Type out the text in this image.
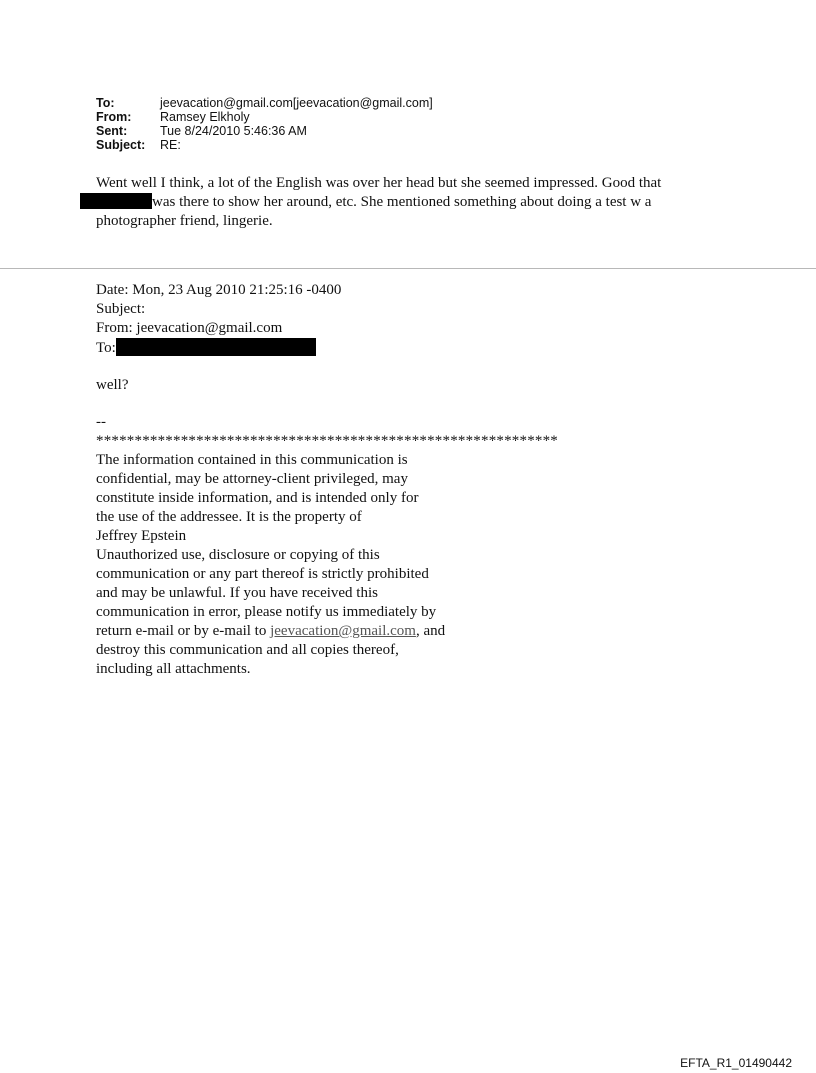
To:	jeevacation@gmail.com[jeevacation@gmail.com]
From:	Ramsey Elkholy
Sent:	Tue 8/24/2010 5:46:36 AM
Subject:	RE:
Went well I think, a lot of the English was over her head but she seemed impressed. Good that
was there to show her around, etc. She mentioned something about doing a test w a
photographer friend, lingerie.
Date: Mon, 23 Aug 2010 21:25:16 -0400
Subject:
From: jeevacation@gmail.com
To:
well?
--
************************************************************
The information contained in this communication is
confidential, may be attorney-client privileged, may
constitute inside information, and is intended only for
the use of the addressee. It is the property of
Jeffrey Epstein
Unauthorized use, disclosure or copying of this
communication or any part thereof is strictly prohibited
and may be unlawful. If you have received this
communication in error, please notify us immediately by
return e-mail or by e-mail to jeevacation@gmail.com, and
destroy this communication and all copies thereof,
including all attachments.
EFTA_R1_01490442
